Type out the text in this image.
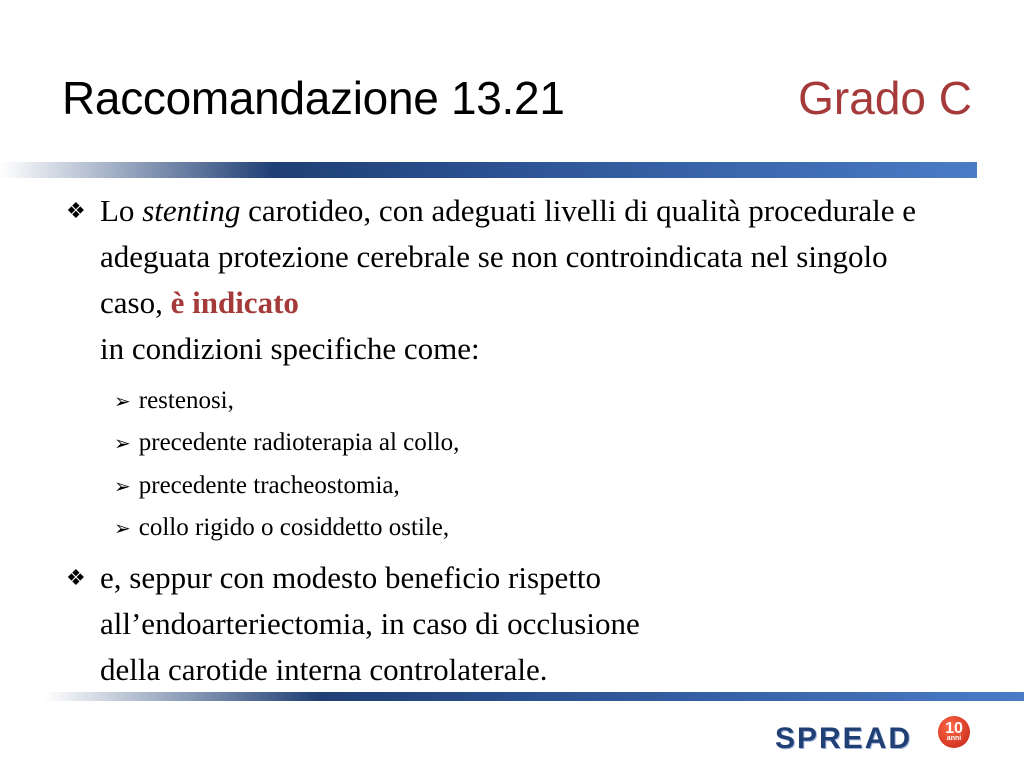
Raccomandazione 13.21	Grado C
❖ Lo stenting carotideo, con adeguati livelli di qualità procedurale e adeguata protezione cerebrale se non controindicata nel singolo caso, è indicato
in condizioni specifiche come:
➢ restenosi,
➢ precedente radioterapia al collo,
➢ precedente tracheostomia,
➢ collo rigido o cosiddetto ostile,
❖ e, seppur con modesto beneficio rispetto
all’endoarteriectomia, in caso di occlusione
della carotide interna controlaterale.
SPREAD	10
anni
